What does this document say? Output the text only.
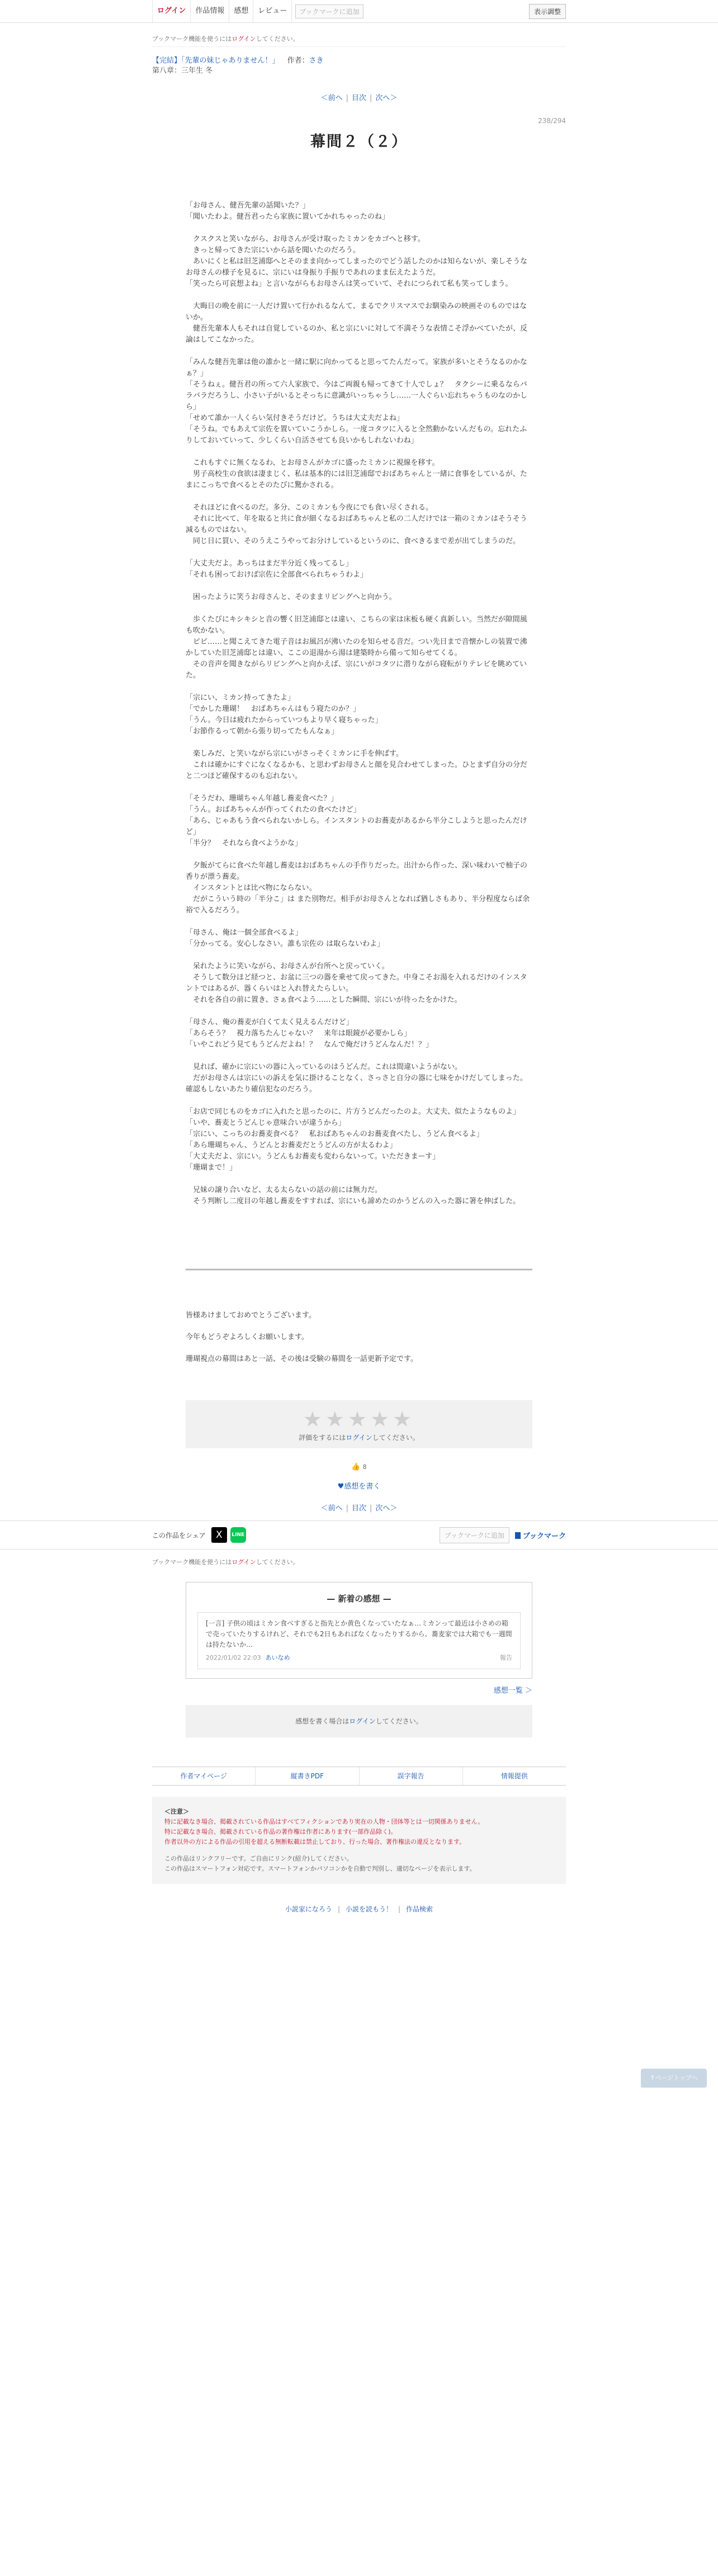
ログイン	作品情報	感想	レビュー	ブックマークに追加	表示調整
ブックマーク機能を使うにはログインしてください。
【完結】「先輩の妹じゃありません！」 作者：さき
第八章：三年生 冬
＜前へ | 目次 | 次へ＞
238/294
幕間２（２）

「お母さん、健吾先輩の話聞いた？」

「聞いたわよ。健吾君ったら家族に置いてかれちゃったのね」

　クスクスと笑いながら、お母さんが受け取ったミカンをカゴへと移す。

　きっと帰ってきた宗にいから話を聞いたのだろう。

　あいにくと私は旧芝浦邸へとそのまま向かってしまったのでどう話したのかは知らないが、楽しそうなお母さんの様子を見るに、宗にいは身振り手振りであれのまま伝えたようだ。

「笑ったら可哀想よね」と言いながらもお母さんは笑っていて、それにつられて私も笑ってしまう。

　大晦日の晩を前に一人だけ置いて行かれるなんて、まるでクリスマスでお馴染みの映画そのものではないか。

　健吾先輩本人もそれは自覚しているのか、私と宗にいに対して不満そうな表情こそ浮かべていたが、反論はしてこなかった。

「みんな健吾先輩は他の誰かと一緒に駅に向かってると思ってたんだって。家族が多いとそうなるのかなぁ？」

「そうねぇ。健吾君の所って六人家族で、今はご両親も帰ってきて十人でしょ？　タクシーに乗るならバラバラだろうし、小さい子がいるとそっちに意識がいっちゃうし……一人ぐらい忘れちゃうものなのかしら」

「せめて誰か一人くらい気付きそうだけど。うちは大丈夫だよね」

「そうね。でもあえて宗佐を置いていこうかしら。一度コタツに入ると全然動かないんだもの。忘れたふりしておいていって、少しくらい自活させても良いかもしれないわね」

　これもすぐに無くなるわ、とお母さんがカゴに盛ったミカンに視線を移す。

　男子高校生の食欲は凄まじく、私は基本的には旧芝浦邸でおばあちゃんと一緒に食事をしているが、たまにこっちで食べるとそのたびに驚かされる。

　それほどに食べるのだ。多分、このミカンも今夜にでも食い尽くされる。

　それに比べて、年を取ると共に食が細くなるおばあちゃんと私の二人だけでは一箱のミカンはそうそう減るものではない。

　同じ日に買い、そのうえこうやってお分けしているというのに、食べきるまで差が出てしまうのだ。

「大丈夫だよ。あっちはまだ半分近く残ってるし」

「それも困っておけば宗佐に全部食べられちゃうわよ」

　困ったように笑うお母さんと、そのままリビングへと向かう。

　歩くたびにキシキシと音の響く旧芝浦邸とは違い、こちらの家は床板も硬く真新しい。当然だが隙間風も吹かない。

　ピピ……と聞こえてきた電子音はお風呂が沸いたのを知らせる音だ。つい先日まで音懐かしの装置で沸かしていた旧芝浦邸とは違い、ここの退湯から湯は建築時から備って知らせてくる。

　その音声を聞きながらリビングへと向かえば、宗にいがコタツに潜りながら寝転がりテレビを眺めていた。

「宗にい、ミカン持ってきたよ」

「でかした珊瑚！　おばあちゃんはもう寝たのか？」

「うん。今日は疲れたからっていつもより早く寝ちゃった」

「お節作るって朝から張り切ってたもんなぁ」

　楽しみだ、と笑いながら宗にいがさっそくミカンに手を伸ばす。

　これは確かにすぐになくなるかも、と思わずお母さんと顔を見合わせてしまった。ひとまず自分の分だと二つほど確保するのも忘れない。

「そうだわ、珊瑚ちゃん年越し蕎麦食べた？」

「うん。おばあちゃんが作ってくれたの食べたけど」

「あら、じゃあもう食べられないかしら。インスタントのお蕎麦があるから半分こしようと思ったんだけど」

「半分？　それなら食べようかな」

　夕飯がてらに食べた年越し蕎麦はおばあちゃんの手作りだった。出汁から作った、深い味わいで柚子の香りが漂う蕎麦。

　インスタントとは比べ物にならない。

　だがこういう時の「半分こ」は また別物だ。相手がお母さんとなれば猶しさもあり、半分程度ならば余裕で入るだろう。

「母さん、俺は一個全部食べるよ」

「分かってる。安心しなさい。誰も宗佐の は取らないわよ」

　呆れたように笑いながら、お母さんが台所へと戻っていく。

　そうして数分ほど経つと、お盆に三つの器を乗せて戻ってきた。中身こそお湯を入れるだけのインスタントではあるが、器くらいはと入れ替えたらしい。

　それを各自の前に置き、さぁ食べよう……とした瞬間、宗にいが待ったをかけた。

「母さん、俺の蕎麦が白くて太く見えるんだけど」

「あらそう？　視力落ちたんじゃない？　来年は眼鏡が必要かしら」

「いやこれどう見てもうどんだよね！？　なんで俺だけうどんなんだ！？」

　見れば、確かに宗にいの器に入っているのはうどんだ。これは間違いようがない。

　だがお母さんは宗にいの訴えを気に掛けることなく、さっさと自分の器に七味をかけだしてしまった。確認もしないあたり確信犯なのだろう。

「お店で同じものをカゴに入れたと思ったのに、片方うどんだったのよ。大丈夫、似たようなものよ」

「いや、蕎麦とうどんじゃ意味合いが違うから」

「宗にい、こっちのお蕎麦食べる？　私おばあちゃんのお蕎麦食べたし、うどん食べるよ」

「あら珊瑚ちゃん、うどんとお蕎麦だとうどんの方が太るわよ」

「大丈夫だよ、宗にい。うどんもお蕎麦も変わらないって。いただきまーす」

「珊瑚まで！」

　兄妹の譲り合いなど、太る太らないの話の前には無力だ。

　そう判断し二度目の年越し蕎麦をすすれば、宗にいも諦めたのかうどんの入った器に箸を伸ばした。

皆様あけましておめでとうございます。

今年もどうぞよろしくお願いします。

珊瑚視点の幕間はあと一話、その後は受験の幕間を一話更新予定です。

★★★★★
評価をするにはログインしてください。
👍 8
♥感想を書く
＜前へ | 目次 | 次へ＞
↑ページトップへ
この作品をシェア	X	LINE	ブックマークに追加	ブックマーク
ブックマーク機能を使うにはログインしてください。
— 新着の感想 —
[一言] 子供の頃はミカン食べすぎると指先とか黄色くなっていたなぁ…ミカンって最近は小さめの箱で売っていたりするけれど、それでも2日もあればなくなったりするから、蕎麦家では大箱でも一週間は持たないか…
2022/01/02 22:03 あいなめ	報告
感想一覧 ＞
感想を書く場合はログインしてください。
作者マイページ	縦書きPDF	誤字報告	情報提供
＜注意＞
特に記載なき場合、掲載されている作品はすべてフィクションであり実在の人物・団体等とは一切関係ありません。
特に記載なき場合、掲載されている作品の著作権は作者にあります(一部作品除く)。
作者以外の方による作品の引用を超える無断転載は禁止しており、行った場合、著作権法の違反となります。
この作品はリンクフリーです。ご自由にリンク(紹介)してください。
この作品はスマートフォン対応です。スマートフォンかパソコンかを自動で判別し、適切なページを表示します。
小説家になろう | 小説を読もう！ | 作品検索
